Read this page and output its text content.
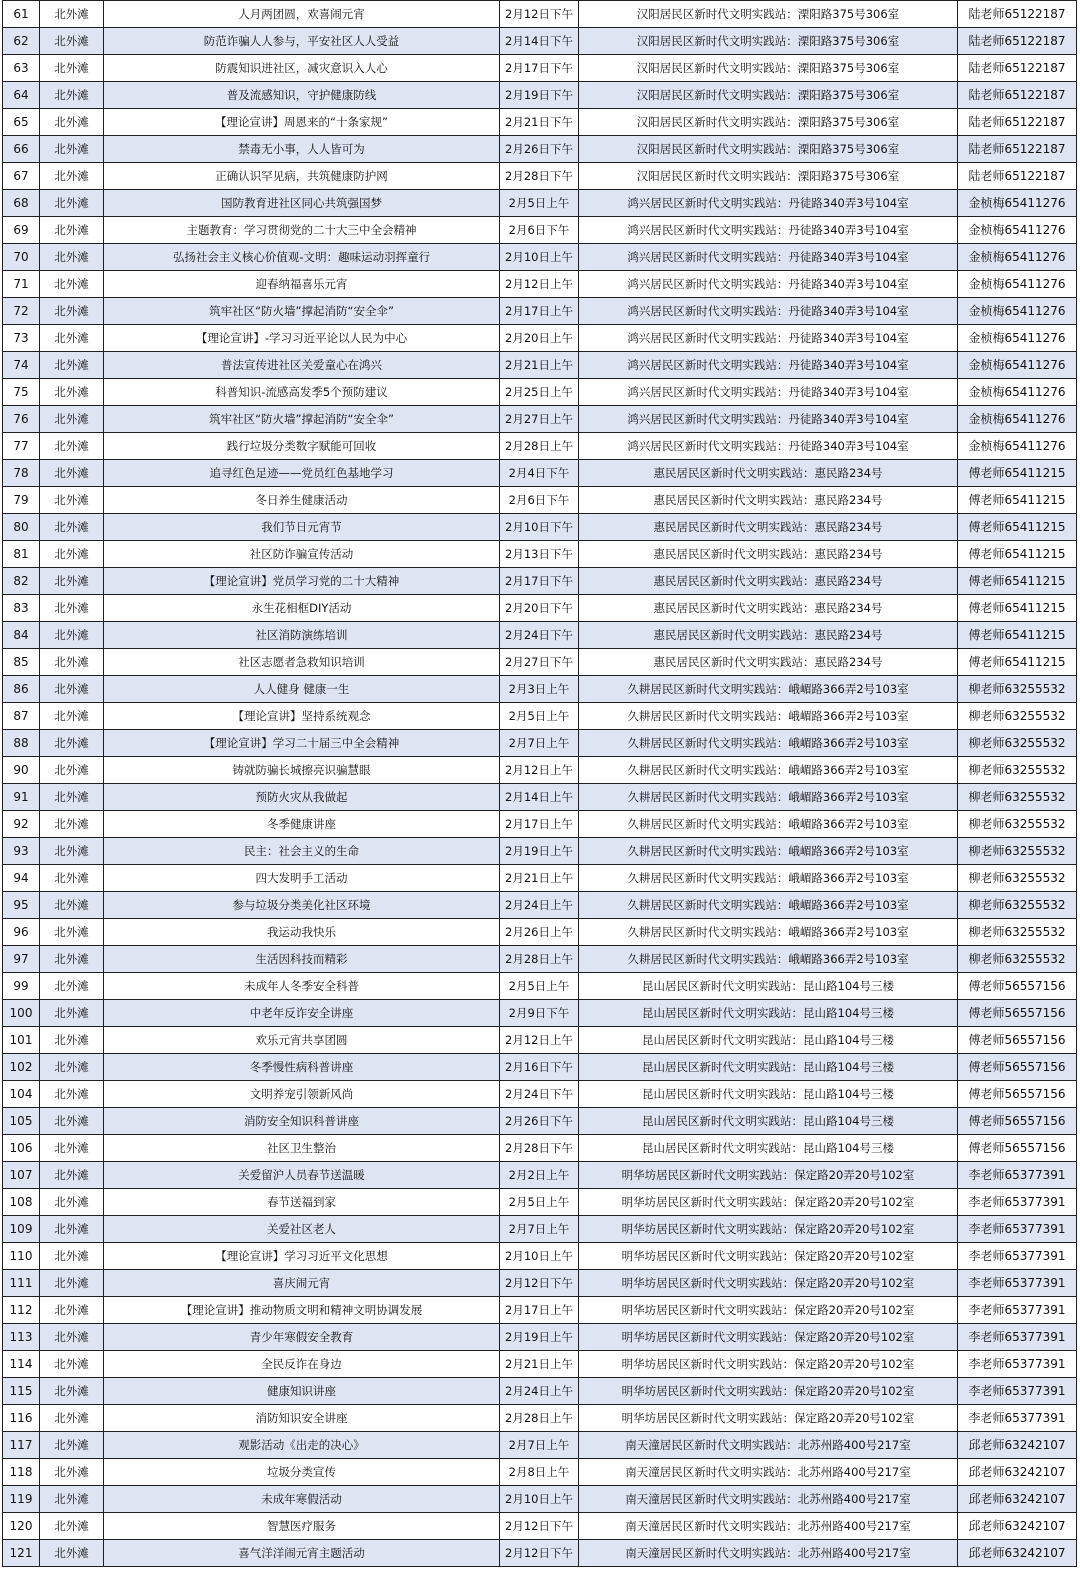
61	北外滩	人月两团圆，欢喜闹元宵	2月12日下午	汉阳居民区新时代文明实践站：溧阳路375号306室	陆老师65122187
62	北外滩	防范诈骗人人参与，平安社区人人受益	2月14日下午	汉阳居民区新时代文明实践站：溧阳路375号306室	陆老师65122187
63	北外滩	防震知识进社区，减灾意识入人心	2月17日下午	汉阳居民区新时代文明实践站：溧阳路375号306室	陆老师65122187
64	北外滩	普及流感知识，守护健康防线	2月19日下午	汉阳居民区新时代文明实践站：溧阳路375号306室	陆老师65122187
65	北外滩	【理论宣讲】周恩来的“十条家规”	2月21日下午	汉阳居民区新时代文明实践站：溧阳路375号306室	陆老师65122187
66	北外滩	禁毒无小事，人人皆可为	2月26日下午	汉阳居民区新时代文明实践站：溧阳路375号306室	陆老师65122187
67	北外滩	正确认识罕见病，共筑健康防护网	2月28日下午	汉阳居民区新时代文明实践站：溧阳路375号306室	陆老师65122187
68	北外滩	国防教育进社区同心共筑强国梦	2月5日上午	鸿兴居民区新时代文明实践站：丹徒路340弄3号104室	金桢梅65411276
69	北外滩	主题教育：学习贯彻党的二十大三中全会精神	2月6日下午	鸿兴居民区新时代文明实践站：丹徒路340弄3号104室	金桢梅65411276
70	北外滩	弘扬社会主义核心价值观-文明：趣味运动羽挥童行	2月10日上午	鸿兴居民区新时代文明实践站：丹徒路340弄3号104室	金桢梅65411276
71	北外滩	迎春纳福喜乐元宵	2月12日上午	鸿兴居民区新时代文明实践站：丹徒路340弄3号104室	金桢梅65411276
72	北外滩	筑牢社区“防火墙”撑起消防“安全伞”	2月17日上午	鸿兴居民区新时代文明实践站：丹徒路340弄3号104室	金桢梅65411276
73	北外滩	【理论宣讲】-学习习近平论以人民为中心	2月20日上午	鸿兴居民区新时代文明实践站：丹徒路340弄3号104室	金桢梅65411276
74	北外滩	普法宣传进社区关爱童心在鸿兴	2月21日上午	鸿兴居民区新时代文明实践站：丹徒路340弄3号104室	金桢梅65411276
75	北外滩	科普知识-流感高发季5个预防建议	2月25日上午	鸿兴居民区新时代文明实践站：丹徒路340弄3号104室	金桢梅65411276
76	北外滩	筑牢社区“防火墙”撑起消防“安全伞”	2月27日上午	鸿兴居民区新时代文明实践站：丹徒路340弄3号104室	金桢梅65411276
77	北外滩	践行垃圾分类数字赋能可回收	2月28日上午	鸿兴居民区新时代文明实践站：丹徒路340弄3号104室	金桢梅65411276
78	北外滩	追寻红色足迹——党员红色基地学习	2月4日下午	惠民居民区新时代文明实践站：惠民路234号	傅老师65411215
79	北外滩	冬日养生健康活动	2月6日下午	惠民居民区新时代文明实践站：惠民路234号	傅老师65411215
80	北外滩	我们节日元宵节	2月10日下午	惠民居民区新时代文明实践站：惠民路234号	傅老师65411215
81	北外滩	社区防诈骗宣传活动	2月13日下午	惠民居民区新时代文明实践站：惠民路234号	傅老师65411215
82	北外滩	【理论宣讲】党员学习党的二十大精神	2月17日下午	惠民居民区新时代文明实践站：惠民路234号	傅老师65411215
83	北外滩	永生花相框DIY活动	2月20日下午	惠民居民区新时代文明实践站：惠民路234号	傅老师65411215
84	北外滩	社区消防演练培训	2月24日下午	惠民居民区新时代文明实践站：惠民路234号	傅老师65411215
85	北外滩	社区志愿者急救知识培训	2月27日下午	惠民居民区新时代文明实践站：惠民路234号	傅老师65411215
86	北外滩	人人健身 健康一生	2月3日上午	久耕居民区新时代文明实践站：峨嵋路366弄2号103室	柳老师63255532
87	北外滩	【理论宣讲】坚持系统观念	2月5日上午	久耕居民区新时代文明实践站：峨嵋路366弄2号103室	柳老师63255532
88	北外滩	【理论宣讲】学习二十届三中全会精神	2月7日上午	久耕居民区新时代文明实践站：峨嵋路366弄2号103室	柳老师63255532
90	北外滩	铸就防骗长城擦亮识骗慧眼	2月12日上午	久耕居民区新时代文明实践站：峨嵋路366弄2号103室	柳老师63255532
91	北外滩	预防火灾从我做起	2月14日上午	久耕居民区新时代文明实践站：峨嵋路366弄2号103室	柳老师63255532
92	北外滩	冬季健康讲座	2月17日上午	久耕居民区新时代文明实践站：峨嵋路366弄2号103室	柳老师63255532
93	北外滩	民主：社会主义的生命	2月19日上午	久耕居民区新时代文明实践站：峨嵋路366弄2号103室	柳老师63255532
94	北外滩	四大发明手工活动	2月21日上午	久耕居民区新时代文明实践站：峨嵋路366弄2号103室	柳老师63255532
95	北外滩	参与垃圾分类美化社区环境	2月24日上午	久耕居民区新时代文明实践站：峨嵋路366弄2号103室	柳老师63255532
96	北外滩	我运动我快乐	2月26日上午	久耕居民区新时代文明实践站：峨嵋路366弄2号103室	柳老师63255532
97	北外滩	生活因科技而精彩	2月28日上午	久耕居民区新时代文明实践站：峨嵋路366弄2号103室	柳老师63255532
99	北外滩	未成年人冬季安全科普	2月5日上午	昆山居民区新时代文明实践站：昆山路104号三楼	傅老师56557156
100	北外滩	中老年反诈安全讲座	2月9日下午	昆山居民区新时代文明实践站：昆山路104号三楼	傅老师56557156
101	北外滩	欢乐元宵共享团圆	2月12日上午	昆山居民区新时代文明实践站：昆山路104号三楼	傅老师56557156
102	北外滩	冬季慢性病科普讲座	2月16日下午	昆山居民区新时代文明实践站：昆山路104号三楼	傅老师56557156
104	北外滩	文明养宠引领新风尚	2月24日下午	昆山居民区新时代文明实践站：昆山路104号三楼	傅老师56557156
105	北外滩	消防安全知识科普讲座	2月26日下午	昆山居民区新时代文明实践站：昆山路104号三楼	傅老师56557156
106	北外滩	社区卫生整治	2月28日下午	昆山居民区新时代文明实践站：昆山路104号三楼	傅老师56557156
107	北外滩	关爱留沪人员春节送温暖	2月2日上午	明华坊居民区新时代文明实践站：保定路20弄20号102室	李老师65377391
108	北外滩	春节送福到家	2月5日上午	明华坊居民区新时代文明实践站：保定路20弄20号102室	李老师65377391
109	北外滩	关爱社区老人	2月7日上午	明华坊居民区新时代文明实践站：保定路20弄20号102室	李老师65377391
110	北外滩	【理论宣讲】学习习近平文化思想	2月10日上午	明华坊居民区新时代文明实践站：保定路20弄20号102室	李老师65377391
111	北外滩	喜庆闹元宵	2月12日下午	明华坊居民区新时代文明实践站：保定路20弄20号102室	李老师65377391
112	北外滩	【理论宣讲】推动物质文明和精神文明协调发展	2月17日上午	明华坊居民区新时代文明实践站：保定路20弄20号102室	李老师65377391
113	北外滩	青少年寒假安全教育	2月19日上午	明华坊居民区新时代文明实践站：保定路20弄20号102室	李老师65377391
114	北外滩	全民反诈在身边	2月21日上午	明华坊居民区新时代文明实践站：保定路20弄20号102室	李老师65377391
115	北外滩	健康知识讲座	2月24日上午	明华坊居民区新时代文明实践站：保定路20弄20号102室	李老师65377391
116	北外滩	消防知识安全讲座	2月28日上午	明华坊居民区新时代文明实践站：保定路20弄20号102室	李老师65377391
117	北外滩	观影活动《出走的决心》	2月7日上午	南天潼居民区新时代文明实践站：北苏州路400号217室	邱老师63242107
118	北外滩	垃圾分类宣传	2月8日上午	南天潼居民区新时代文明实践站：北苏州路400号217室	邱老师63242107
119	北外滩	未成年寒假活动	2月10日上午	南天潼居民区新时代文明实践站：北苏州路400号217室	邱老师63242107
120	北外滩	智慧医疗服务	2月12日下午	南天潼居民区新时代文明实践站：北苏州路400号217室	邱老师63242107
121	北外滩	喜气洋洋闹元宵主题活动	2月12日下午	南天潼居民区新时代文明实践站：北苏州路400号217室	邱老师63242107
